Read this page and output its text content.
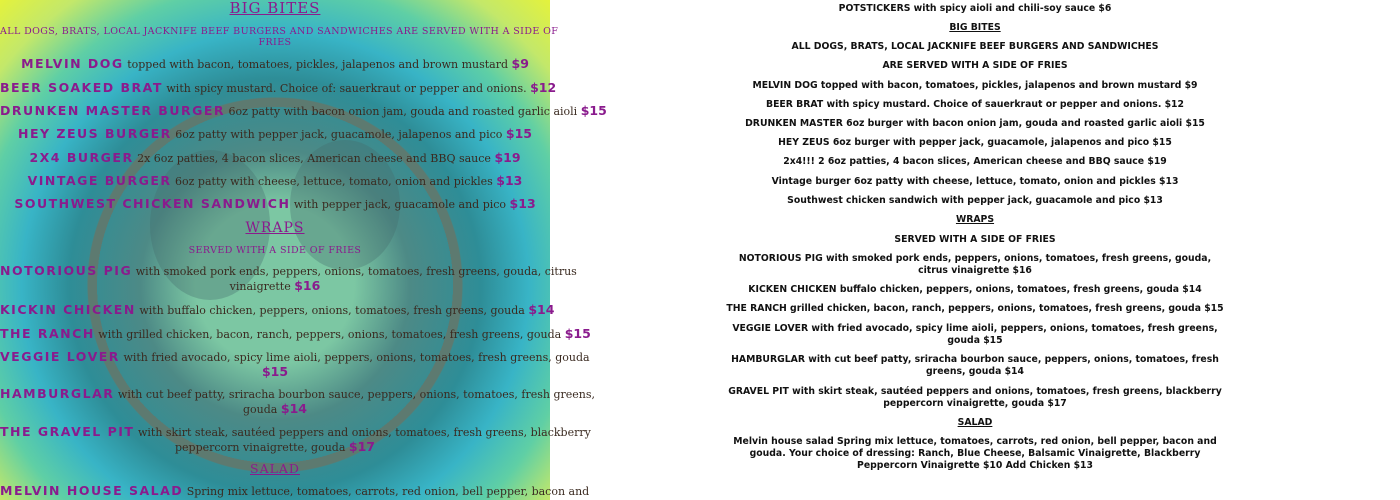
BIG BITES
ALL DOGS, BRATS, LOCAL JACKNIFE BEEF BURGERS AND SANDWICHES ARE SERVED WITH A SIDE OF
FRIES
MELVIN DOG topped with bacon, tomatoes, pickles, jalapenos and brown mustard $9
BEER SOAKED BRAT with spicy mustard. Choice of: sauerkraut or pepper and onions. $12
DRUNKEN MASTER BURGER 6oz patty with bacon onion jam, gouda and roasted garlic aioli $15
HEY ZEUS BURGER 6oz patty with pepper jack, guacamole, jalapenos and pico $15
2X4 BURGER 2x 6oz patties, 4 bacon slices, American cheese and BBQ sauce $19
VINTAGE BURGER 6oz patty with cheese, lettuce, tomato, onion and pickles $13
SOUTHWEST CHICKEN SANDWICH with pepper jack, guacamole and pico $13
WRAPS
SERVED WITH A SIDE OF FRIES
NOTORIOUS PIG with smoked pork ends, peppers, onions, tomatoes, fresh greens, gouda, citrus
vinaigrette $16
KICKIN CHICKEN with buffalo chicken, peppers, onions, tomatoes, fresh greens, gouda $14
THE RANCH with grilled chicken, bacon, ranch, peppers, onions, tomatoes, fresh greens, gouda $15
VEGGIE LOVER with fried avocado, spicy lime aioli, peppers, onions, tomatoes, fresh greens, gouda
$15
HAMBURGLAR with cut beef patty, sriracha bourbon sauce, peppers, onions, tomatoes, fresh greens,
gouda $14
THE GRAVEL PIT with skirt steak, sautéed peppers and onions, tomatoes, fresh greens, blackberry
peppercorn vinaigrette, gouda $17
SALAD
MELVIN HOUSE SALAD Spring mix lettuce, tomatoes, carrots, red onion, bell pepper, bacon and
POTSTICKERS with spicy aioli and chili-soy sauce $6
BIG BITES
ALL DOGS, BRATS, LOCAL JACKNIFE BEEF BURGERS AND SANDWICHES
ARE SERVED WITH A SIDE OF FRIES
MELVIN DOG topped with bacon, tomatoes, pickles, jalapenos and brown mustard $9
BEER BRAT with spicy mustard. Choice of sauerkraut or pepper and onions. $12
DRUNKEN MASTER 6oz burger with bacon onion jam, gouda and roasted garlic aioli $15
HEY ZEUS 6oz burger with pepper jack, guacamole, jalapenos and pico $15
2x4!!! 2 6oz patties, 4 bacon slices, American cheese and BBQ sauce $19
Vintage burger 6oz patty with cheese, lettuce, tomato, onion and pickles $13
Southwest chicken sandwich with pepper jack, guacamole and pico $13
WRAPS
SERVED WITH A SIDE OF FRIES
NOTORIOUS PIG with smoked pork ends, peppers, onions, tomatoes, fresh greens, gouda,
citrus vinaigrette $16
KICKEN CHICKEN buffalo chicken, peppers, onions, tomatoes, fresh greens, gouda $14
THE RANCH grilled chicken, bacon, ranch, peppers, onions, tomatoes, fresh greens, gouda $15
VEGGIE LOVER with fried avocado, spicy lime aioli, peppers, onions, tomatoes, fresh greens,
gouda $15
HAMBURGLAR with cut beef patty, sriracha bourbon sauce, peppers, onions, tomatoes, fresh
greens, gouda $14
GRAVEL PIT with skirt steak, sautéed peppers and onions, tomatoes, fresh greens, blackberry
peppercorn vinaigrette, gouda $17
SALAD
Melvin house salad Spring mix lettuce, tomatoes, carrots, red onion, bell pepper, bacon and
gouda. Your choice of dressing: Ranch, Blue Cheese, Balsamic Vinaigrette, Blackberry
Peppercorn Vinaigrette $10 Add Chicken $13
